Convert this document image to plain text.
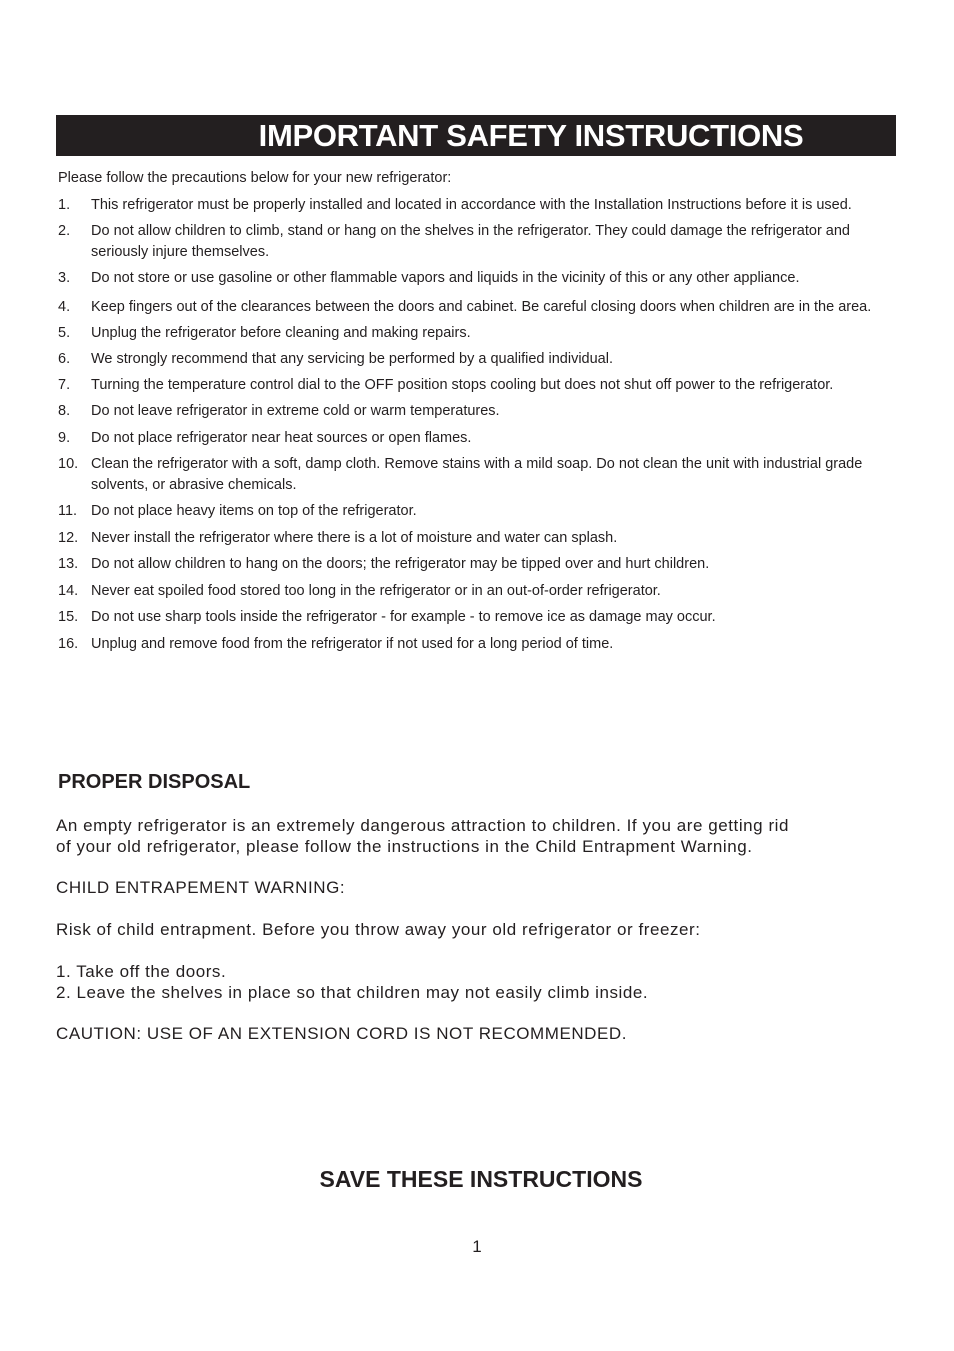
IMPORTANT SAFETY INSTRUCTIONS

Please follow the precautions below for your new refrigerator:

1.	This refrigerator must be properly installed and located in accordance with the Installation Instructions before it is used.
2.	Do not allow children to climb, stand or hang on the shelves in the refrigerator. They could damage the refrigerator and seriously injure themselves.
3.	Do not store or use gasoline or other flammable vapors and liquids in the vicinity of this or any other appliance.
4.	Keep fingers out of the clearances between the doors and cabinet. Be careful closing doors when children are in the area.
5.	Unplug the refrigerator before cleaning and making repairs.
6.	We strongly recommend that any servicing be performed by a qualified individual.
7.	Turning the temperature control dial to the OFF position stops cooling but does not shut off power to the refrigerator.
8.	Do not leave refrigerator in extreme cold or warm temperatures.
9.	Do not place refrigerator near heat sources or open flames.
10. Clean the refrigerator with a soft, damp cloth. Remove stains with a mild soap. Do not clean the unit with industrial grade solvents, or abrasive chemicals.
11. Do not place heavy items on top of the refrigerator.
12. Never install the refrigerator where there is a lot of moisture and water can splash.
13. Do not allow children to hang on the doors; the refrigerator may be tipped over and hurt children.
14. Never eat spoiled food stored too long in the refrigerator or in an out-of-order refrigerator.
15. Do not use sharp tools inside the refrigerator - for example - to remove ice as damage may occur.
16. Unplug and remove food from the refrigerator if not used for a long period of time.
PROPER DISPOSAL

An empty refrigerator is an extremely dangerous attraction to children. If you are getting rid

of your old refrigerator, please follow the instructions in the Child Entrapment Warning.

CHILD ENTRAPEMENT WARNING:

Risk of child entrapment. Before you throw away your old refrigerator or freezer:

1. Take off the doors.

2. Leave the shelves in place so that children may not easily climb inside.

CAUTION: USE OF AN EXTENSION CORD IS NOT RECOMMENDED.

SAVE THESE INSTRUCTIONS
1
